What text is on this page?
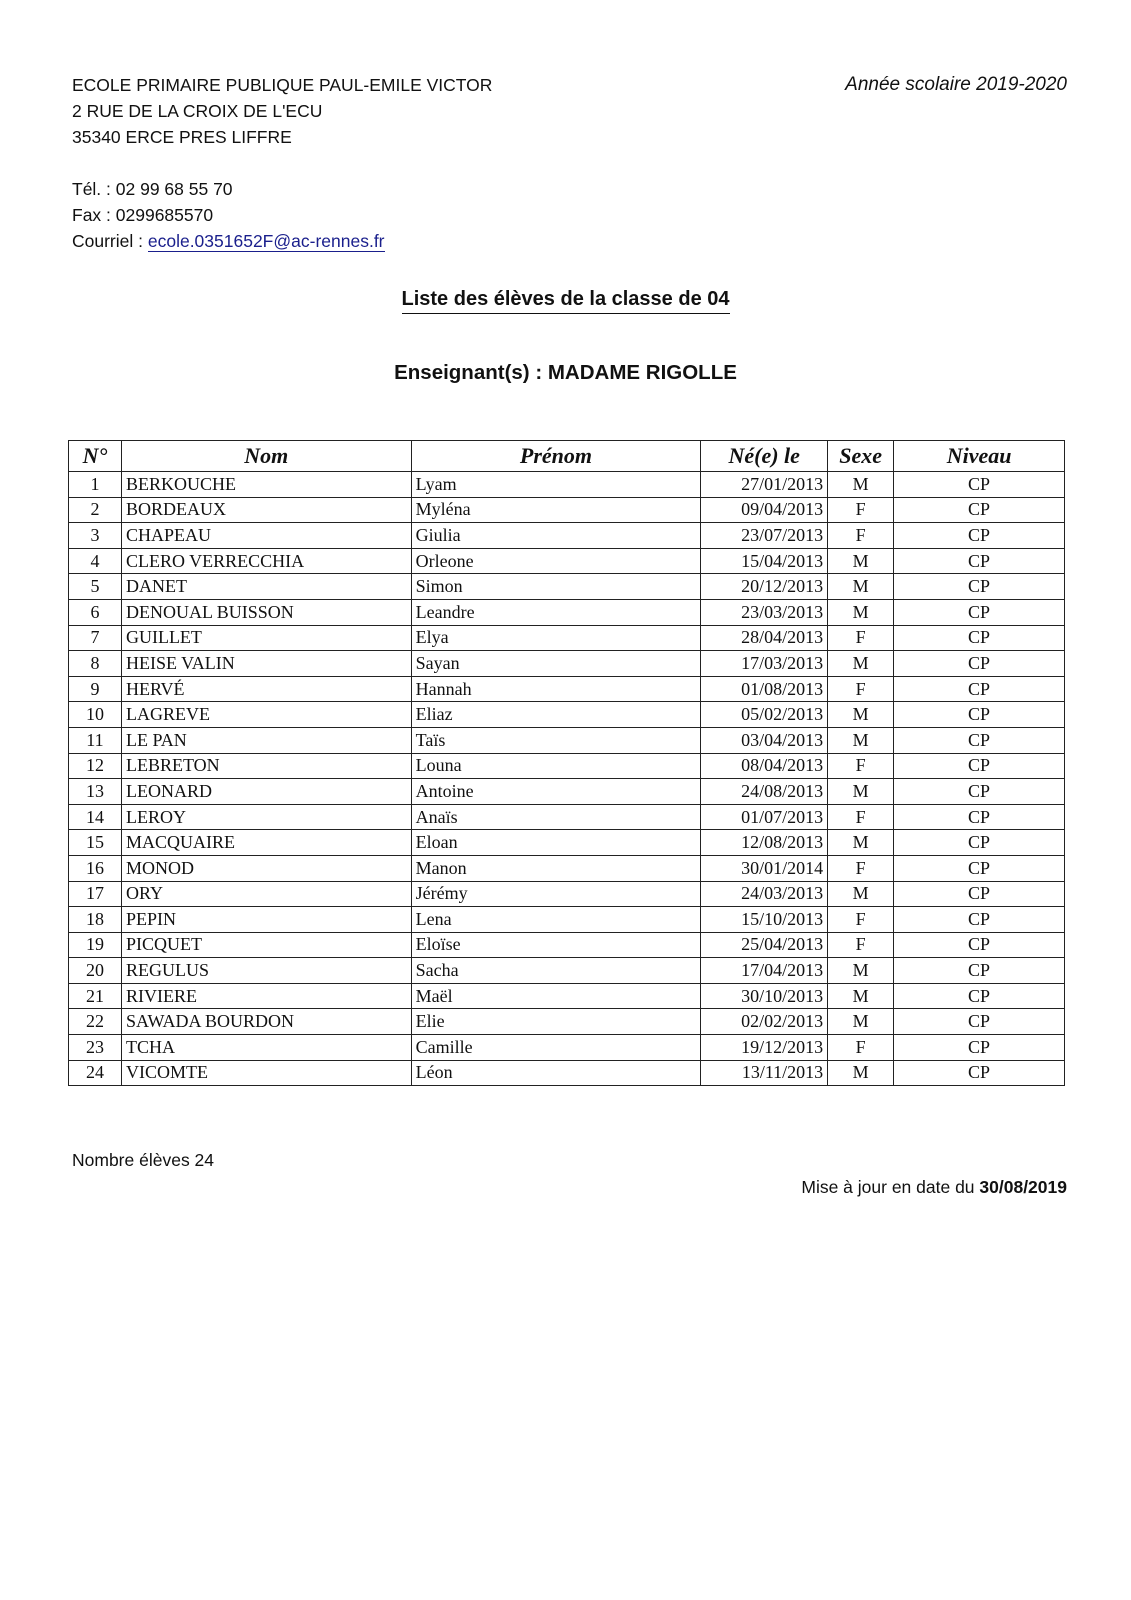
ECOLE PRIMAIRE PUBLIQUE PAUL-EMILE VICTOR
2 RUE DE LA CROIX DE L'ECU
35340 ERCE PRES LIFFRE
Tél. : 02 99 68 55 70
Fax : 0299685570
Courriel : ecole.0351652F@ac-rennes.fr
Année scolaire 2019-2020
Liste des élèves de la classe de 04
Enseignant(s) : MADAME RIGOLLE
N°	Nom	Prénom	Né(e) le	Sexe	Niveau
1	BERKOUCHE	Lyam	27/01/2013	M	CP
2	BORDEAUX	Myléna	09/04/2013	F	CP
3	CHAPEAU	Giulia	23/07/2013	F	CP
4	CLERO VERRECCHIA	Orleone	15/04/2013	M	CP
5	DANET	Simon	20/12/2013	M	CP
6	DENOUAL BUISSON	Leandre	23/03/2013	M	CP
7	GUILLET	Elya	28/04/2013	F	CP
8	HEISE VALIN	Sayan	17/03/2013	M	CP
9	HERVÉ	Hannah	01/08/2013	F	CP
10	LAGREVE	Eliaz	05/02/2013	M	CP
11	LE PAN	Taïs	03/04/2013	M	CP
12	LEBRETON	Louna	08/04/2013	F	CP
13	LEONARD	Antoine	24/08/2013	M	CP
14	LEROY	Anaïs	01/07/2013	F	CP
15	MACQUAIRE	Eloan	12/08/2013	M	CP
16	MONOD	Manon	30/01/2014	F	CP
17	ORY	Jérémy	24/03/2013	M	CP
18	PEPIN	Lena	15/10/2013	F	CP
19	PICQUET	Eloïse	25/04/2013	F	CP
20	REGULUS	Sacha	17/04/2013	M	CP
21	RIVIERE	Maël	30/10/2013	M	CP
22	SAWADA BOURDON	Elie	02/02/2013	M	CP
23	TCHA	Camille	19/12/2013	F	CP
24	VICOMTE	Léon	13/11/2013	M	CP
Nombre élèves 24
Mise à jour en date du 30/08/2019
